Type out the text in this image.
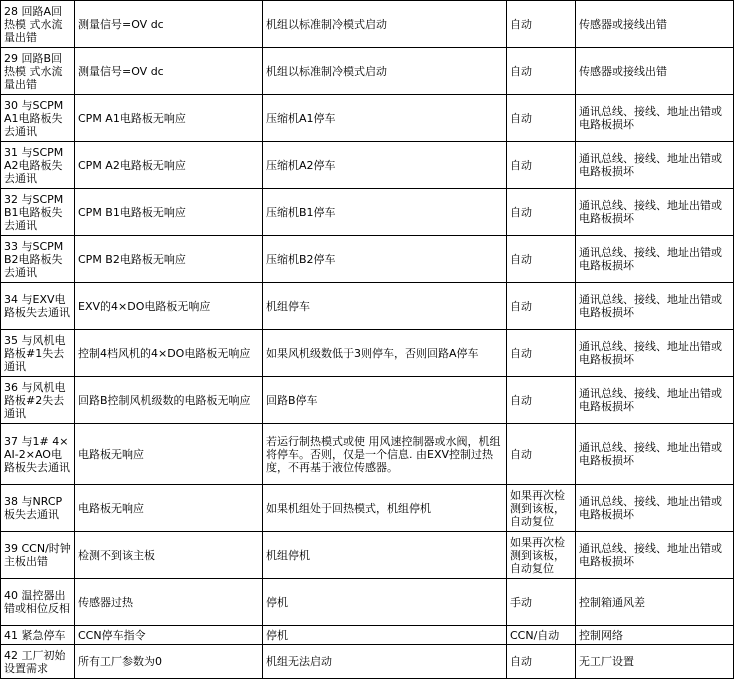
28 回路A回热模 式水流量出错	测量信号=OV dc	机组以标准制冷模式启动	自动	传感器或接线出错
29 回路B回热模 式水流量出错	测量信号=OV dc	机组以标准制冷模式启动	自动	传感器或接线出错
30 与SCPM A1电路板失去通讯	CPM A1电路板无响应	压缩机A1停车	自动	通讯总线、接线、地址出错或电路板损坏
31 与SCPM A2电路板失去通讯	CPM A2电路板无响应	压缩机A2停车	自动	通讯总线、接线、地址出错或电路板损坏
32 与SCPM B1电路板失去通讯	CPM B1电路板无响应	压缩机B1停车	自动	通讯总线、接线、地址出错或电路板损坏
33 与SCPM B2电路板失去通讯	CPM B2电路板无响应	压缩机B2停车	自动	通讯总线、接线、地址出错或电路板损坏
34 与EXV电路板失去通讯	EXV的4×DO电路板无响应	机组停车	自动	通讯总线、接线、地址出错或电路板损坏
35 与风机电路板#1失去通讯	控制4档风机的4×DO电路板无响应	如果风机级数低于3则停车，否则回路A停车	自动	通讯总线、接线、地址出错或电路板损坏
36 与风机电路板#2失去通讯	回路B控制风机级数的电路板无响应	回路B停车	自动	通讯总线、接线、地址出错或电路板损坏
37 与1# 4×AI-2×AO电路板失去通讯	电路板无响应	若运行制热模式或使 用风速控制器或水阀，机组将停车。否则，仅是一个信息. 由EXV控制过热度，不再基于液位传感器。	自动	通讯总线、接线、地址出错或电路板损坏
38 与NRCP板失去通讯	电路板无响应	如果机组处于回热模式，机组停机	如果再次检测到该板，自动复位	通讯总线、接线、地址出错或电路板损坏
39 CCN/时钟主板出错	检测不到该主板	机组停机	如果再次检测到该板，自动复位	通讯总线、接线、地址出错或电路板损坏
40 温控器出错或相位反相	传感器过热	停机	手动	控制箱通风差
41 紧急停车	CCN停车指令	停机	CCN/自动	控制网络
42 工厂初始设置需求	所有工厂参数为0	机组无法启动	自动	无工厂设置
